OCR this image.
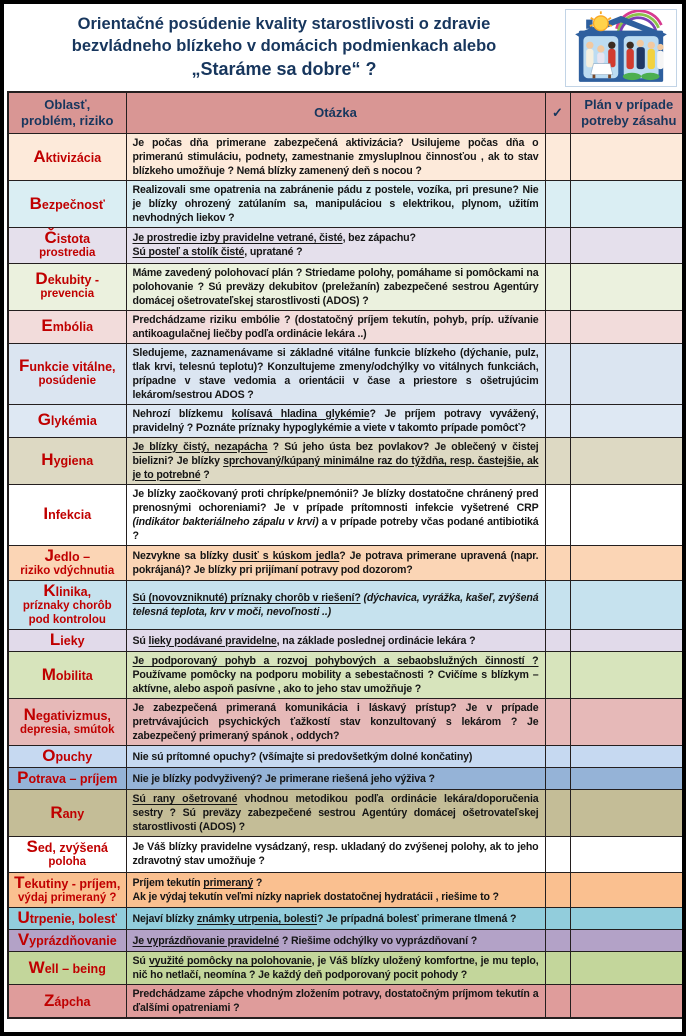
Orientačné posúdenie kvality starostlivosti o zdravie
bezvládneho blízkeho v domácich podmienkach alebo
„Staráme sa dobre“ ?
Oblasť,
problém, riziko	Otázka	✓	Plán v prípade
potreby zásahu
Aktivizácia	Je počas dňa primerane zabezpečená aktivizácia? Usilujeme počas dňa o primeranú stimuláciu, podnety, zamestnanie zmysluplnou činnosťou , ak to stav blízkeho umožňuje ? Nemá blízky zamenený deň s nocou ?		
Bezpečnosť	Realizovali sme opatrenia na zabránenie pádu z postele, vozíka, pri presune? Nie je blízky ohrozený zatúlaním sa, manipuláciou s elektrikou, plynom, užitím nevhodných liekov ?		
Čistota
prostredia	Je prostredie izby pravidelne vetrané, čisté, bez zápachu?
Sú posteľ a stolík čisté, upratané ?		
Dekubity -
prevencia	Máme zavedený polohovací plán ? Striedame polohy, pomáhame si pomôckami na polohovanie ? Sú preväzy dekubitov (preležanín) zabezpečené sestrou Agentúry domácej ošetrovateľskej starostlivosti (ADOS) ?		
Embólia	Predchádzame riziku embólie ? (dostatočný príjem tekutín, pohyb, príp. užívanie antikoagulačnej liečby podľa ordinácie lekára ..)		
Funkcie vitálne,
posúdenie	Sledujeme, zaznamenávame si základné vitálne funkcie blízkeho (dýchanie, pulz, tlak krvi, telesnú teplotu)? Konzultujeme zmeny/odchýlky vo vitálnych funkciách, prípadne v stave vedomia a orientácii v čase a priestore s ošetrujúcim lekárom/sestrou ADOS ?		
Glykémia	Nehrozí blízkemu kolísavá hladina glykémie? Je príjem potravy vyvážený, pravidelný ? Poznáte príznaky hypoglykémie a viete v takomto prípade pomôcť?		
Hygiena	Je blízky čistý, nezapácha ? Sú jeho ústa bez povlakov? Je oblečený v čistej bielizni? Je blízky sprchovaný/kúpaný minimálne raz do týždňa, resp. častejšie, ak je to potrebné ?		
Infekcia	Je blízky zaočkovaný proti chrípke/pnemónii? Je blízky dostatočne chránený pred prenosnými ochoreniami? Je v prípade prítomnosti infekcie vyšetrené CRP (indikátor bakteriálneho zápalu v krvi) a v prípade potreby včas podané antibiotiká ?		
Jedlo –
riziko vdýchnutia	Nezvykne sa blízky dusiť s kúskom jedla? Je potrava primerane upravená (napr. pokrájaná)? Je blízky pri prijímaní potravy pod dozorom?		
Klinika,
príznaky chorôb pod kontrolou	Sú (novovzniknuté) príznaky chorôb v riešení? (dýchavica, vyrážka, kašeľ, zvýšená telesná teplota, krv v moči, nevoľnosti ..)		
Lieky	Sú lieky podávané pravidelne, na základe poslednej ordinácie lekára ?		
Mobilita	Je podporovaný pohyb a rozvoj pohybových a sebaobslužných činností ? Používame pomôcky na podporu mobility a sebestačnosti ? Cvičíme s blízkym – aktívne, alebo aspoň pasívne , ako to jeho stav umožňuje ?		
Negativizmus,
depresia, smútok	Je zabezpečená primeraná komunikácia i láskavý prístup? Je v prípade pretrvávajúcich psychických ťažkostí stav konzultovaný s lekárom ? Je zabezpečený primeraný spánok , oddych?		
Opuchy	Nie sú prítomné opuchy? (všímajte si predovšetkým dolné končatiny)		
Potrava – príjem	Nie je blízky podvyživený? Je primerane riešená jeho výživa ?		
Rany	Sú rany ošetrované vhodnou metodikou podľa ordinácie lekára/doporučenia sestry ? Sú preväzy zabezpečené sestrou Agentúry domácej ošetrovateľskej starostlivosti (ADOS) ?		
Sed, zvýšená
poloha	Je Váš blízky pravidelne vysádzaný, resp. ukladaný do zvýšenej polohy, ak to jeho zdravotný stav umožňuje ?		
Tekutiny - príjem,
výdaj primeraný ?	Príjem tekutín primeraný ?
Ak je výdaj tekutín veľmi nízky napriek dostatočnej hydratácii , riešime to ?		
Utrpenie, bolesť	Nejaví blízky známky utrpenia, bolesti? Je prípadná bolesť primerane tlmená ?		
Vyprázdňovanie	Je vyprázdňovanie pravidelné ? Riešime odchýlky vo vyprázdňovaní ?		
Well – being	Sú využité pomôcky na polohovanie, je Váš blízky uložený komfortne, je mu teplo, nič ho netlačí, neomína ? Je každý deň podporovaný pocit pohody ?		
Zápcha	Predchádzame zápche vhodným zložením potravy, dostatočným príjmom tekutín a ďalšími opatreniami ?		
